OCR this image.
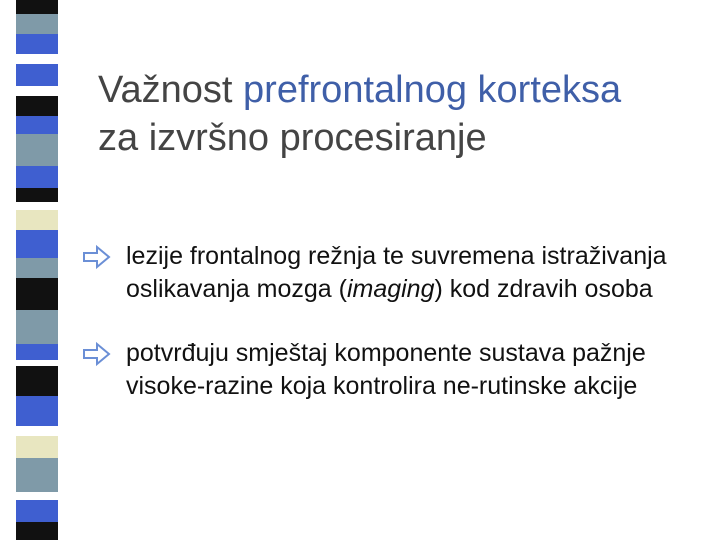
Važnost prefrontalnog korteksa
za izvršno procesiranje
lezije frontalnog režnja te suvremena istraživanja oslikavanja mozga (imaging) kod zdravih osoba
potvrđuju smještaj komponente sustava pažnje visoke-razine koja kontrolira ne-rutinske akcije
